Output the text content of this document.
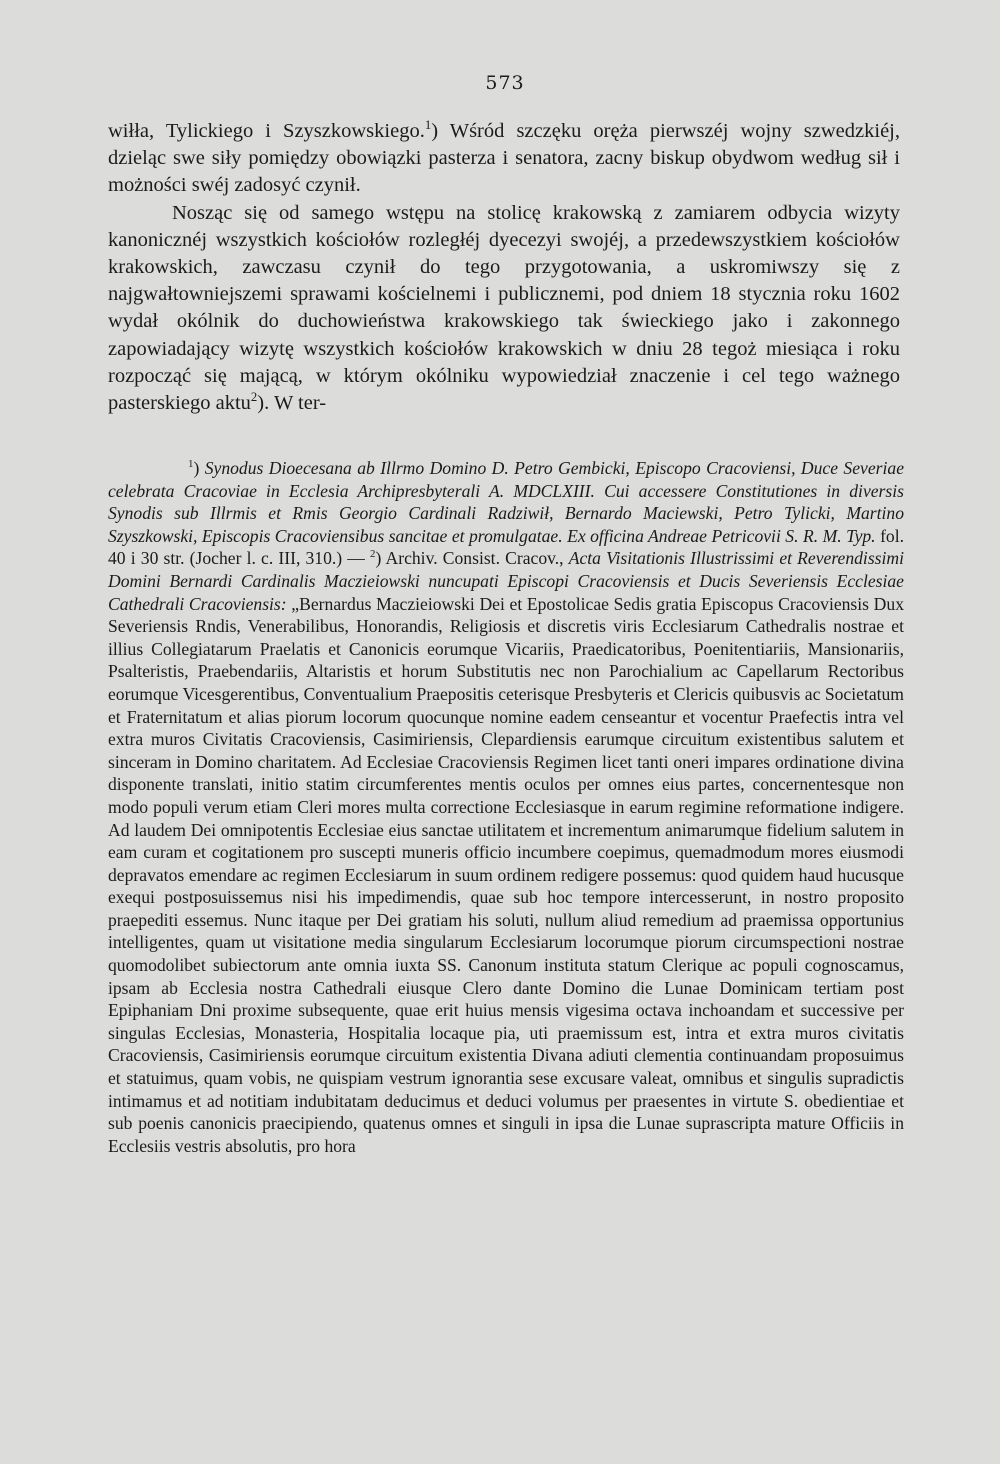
573

wiłła, Tylickiego i Szyszkowskiego.$^1$) Wśród szczęku oręża pierwszéj wojny szwedzkiéj, dzieląc swe siły pomiędzy obowiązki pasterza i senatora, zacny biskup obydwom według sił i możności swéj zadosyć czynił.

Nosząc się od samego wstępu na stolicę krakowską z zamiarem odbycia wizyty kanonicznéj wszystkich kościołów rozległéj dyecezyi swojéj, a przedewszystkiem kościołów krakowskich, zawczasu czynił do tego przygotowania, a uskromiwszy się z najgwałtowniejszemi sprawami kościelnemi i publicznemi, pod dniem 18 stycznia roku 1602 wydał okólnik do duchowieństwa krakowskiego tak świeckiego jako i zakonnego zapowiadający wizytę wszystkich kościołów krakowskich w dniu 28 tegoż miesiąca i roku rozpocząć się mającą, w którym okólniku wypowiedział znaczenie i cel tego ważnego pasterskiego aktu$^2$). W ter-

$^1$) Synodus Dioecesana ab Illrmo Domino D. Petro Gembicki, Episcopo Cracoviensi, Duce Severiae celebrata Cracoviae in Ecclesia Archipresbyterali A. MDCLXIII. Cui accessere Constitutiones in diversis Synodis sub Illrmis et Rmis Georgio Cardinali Radziwił, Bernardo Maciewski, Petro Tylicki, Martino Szyszkowski, Episcopis Cracoviensibus sancitae et promulgatae. Ex officina Andreae Petricovii S. R. M. Typ. fol. 40 i 30 str. (Jocher l. c. III, 310.) — $^2$) Archiv. Consist. Cracov., Acta Visitationis Illustrissimi et Reverendissimi Domini Bernardi Cardinalis Maczieiowski nuncupati Episcopi Cracoviensis et Ducis Severiensis Ecclesiae Cathedrali Cracoviensis: „Bernardus Maczieiowski Dei et Epostolicae Sedis gratia Episcopus Cracoviensis Dux Severiensis Rndis, Venerabilibus, Honorandis, Religiosis et discretis viris Ecclesiarum Cathedralis nostrae et illius Collegiatarum Praelatis et Canonicis eorumque Vicariis, Praedicatoribus, Poenitentiariis, Mansionariis, Psalteristis, Praebendariis, Altaristis et horum Substitutis nec non Parochialium ac Capellarum Rectoribus eorumque Vicesgerentibus, Conventualium Praepositis ceterisque Presbyteris et Clericis quibusvis ac Societatum et Fraternitatum et alias piorum locorum quocunque nomine eadem censeantur et vocentur Praefectis intra vel extra muros Civitatis Cracoviensis, Casimiriensis, Clepardiensis earumque circuitum existentibus salutem et sinceram in Domino charitatem. Ad Ecclesiae Cracoviensis Regimen licet tanti oneri impares ordinatione divina disponente translati, initio statim circumferentes mentis oculos per omnes eius partes, concernentesque non modo populi verum etiam Cleri mores multa correctione Ecclesiasque in earum regimine reformatione indigere. Ad laudem Dei omnipotentis Ecclesiae eius sanctae utilitatem et incrementum animarumque fidelium salutem in eam curam et cogitationem pro suscepti muneris officio incumbere coepimus, quemadmodum mores eiusmodi depravatos emendare ac regimen Ecclesiarum in suum ordinem redigere possemus: quod quidem haud hucusque exequi postposuissemus nisi his impedimendis, quae sub hoc tempore intercesserunt, in nostro proposito praepediti essemus. Nunc itaque per Dei gratiam his soluti, nullum aliud remedium ad praemissa opportunius intelligentes, quam ut visitatione media singularum Ecclesiarum locorumque piorum circumspectioni nostrae quomodolibet subiectorum ante omnia iuxta SS. Canonum instituta statum Clerique ac populi cognoscamus, ipsam ab Ecclesia nostra Cathedrali eiusque Clero dante Domino die Lunae Dominicam tertiam post Epiphaniam Dni proxime subsequente, quae erit huius mensis vigesima octava inchoandam et successive per singulas Ecclesias, Monasteria, Hospitalia locaque pia, uti praemissum est, intra et extra muros civitatis Cracoviensis, Casimiriensis eorumque circuitum existentia Divana adiuti clementia continuandam proposuimus et statuimus, quam vobis, ne quispiam vestrum ignorantia sese excusare valeat, omnibus et singulis supradictis intimamus et ad notitiam indubitatam deducimus et deduci volumus per praesentes in virtute S. obedientiae et sub poenis canonicis praecipiendo, quatenus omnes et singuli in ipsa die Lunae suprascripta mature Officiis in Ecclesiis vestris absolutis, pro hora
